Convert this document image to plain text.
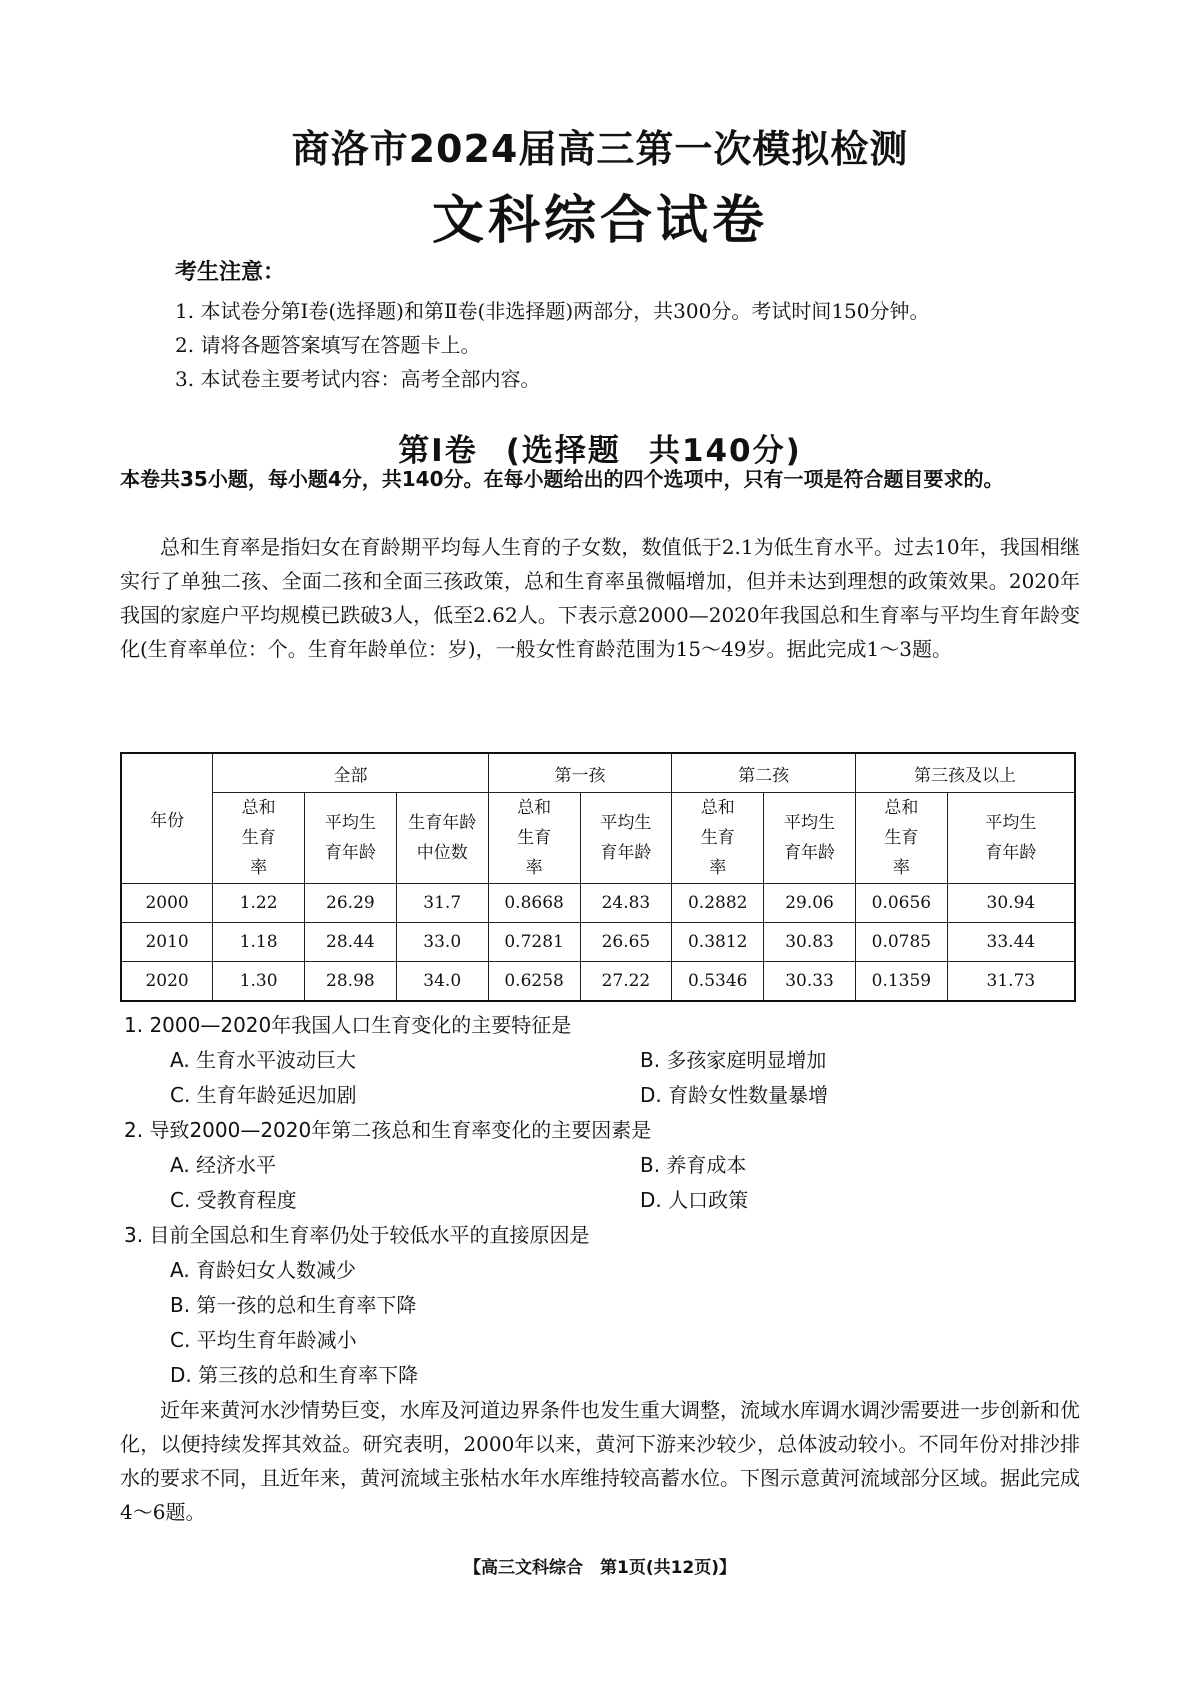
商洛市2024届高三第一次模拟检测
文科综合试卷
考生注意：
1. 本试卷分第Ⅰ卷(选择题)和第Ⅱ卷(非选择题)两部分，共300分。考试时间150分钟。
2. 请将各题答案填写在答题卡上。
3. 本试卷主要考试内容：高考全部内容。
第Ⅰ卷 (选择题 共140分)
本卷共35小题，每小题4分，共140分。在每小题给出的四个选项中，只有一项是符合题目要求的。
总和生育率是指妇女在育龄期平均每人生育的子女数，数值低于2.1为低生育水平。过去10年，我国相继实行了单独二孩、全面二孩和全面三孩政策，总和生育率虽微幅增加，但并未达到理想的政策效果。2020年我国的家庭户平均规模已跌破3人，低至2.62人。下表示意2000—2020年我国总和生育率与平均生育年龄变化(生育率单位：个。生育年龄单位：岁)，一般女性育龄范围为15～49岁。据此完成1～3题。
年份	全部			第一孩		第二孩		第三孩及以上	

	总和生育率	平均生育年龄	生育年龄中位数	总和生育率	平均生育年龄	总和生育率	平均生育年龄	总和生育率	平均生育年龄

2000	1.22	26.29	31.7	0.8668	24.83	0.2882	29.06	0.0656	30.94
2010	1.18	28.44	33.0	0.7281	26.65	0.3812	30.83	0.0785	33.44
2020	1.30	28.98	34.0	0.6258	27.22	0.5346	30.33	0.1359	31.73
1. 2000—2020年我国人口生育变化的主要特征是
A. 生育水平波动巨大	B. 多孩家庭明显增加
C. 生育年龄延迟加剧	D. 育龄女性数量暴增
2. 导致2000—2020年第二孩总和生育率变化的主要因素是
A. 经济水平	B. 养育成本
C. 受教育程度	D. 人口政策
3. 目前全国总和生育率仍处于较低水平的直接原因是
A. 育龄妇女人数减少
B. 第一孩的总和生育率下降
C. 平均生育年龄减小
D. 第三孩的总和生育率下降
近年来黄河水沙情势巨变，水库及河道边界条件也发生重大调整，流域水库调水调沙需要进一步创新和优化，以便持续发挥其效益。研究表明，2000年以来，黄河下游来沙较少，总体波动较小。不同年份对排沙排水的要求不同，且近年来，黄河流域主张枯水年水库维持较高蓄水位。下图示意黄河流域部分区域。据此完成4～6题。
【高三文科综合　第1页(共12页)】
